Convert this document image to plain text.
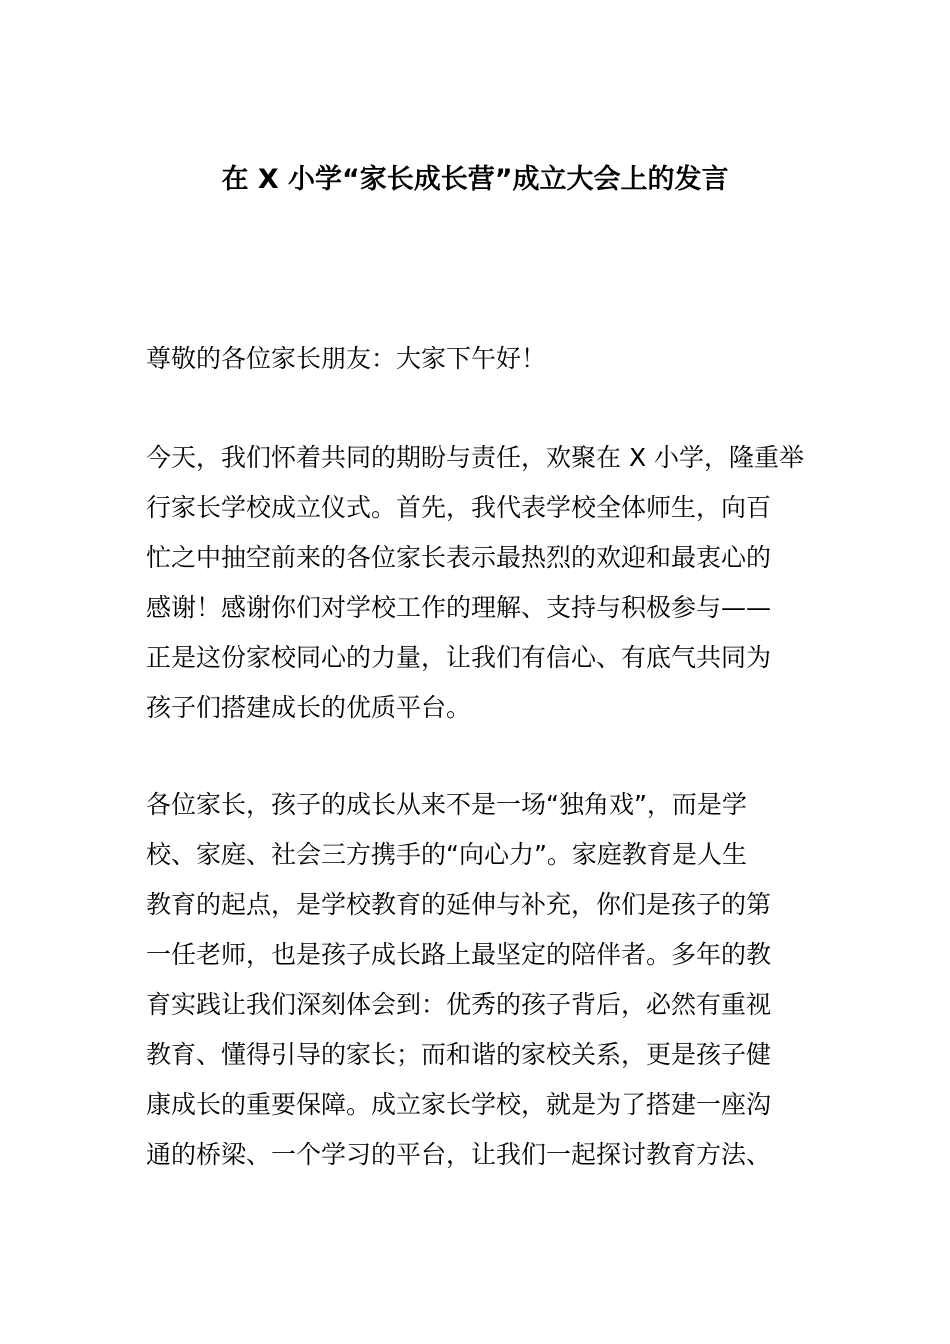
在 X 小学“家长成长营”成立大会上的发言

尊敬的各位家长朋友：大家下午好！

今天，我们怀着共同的期盼与责任，欢聚在 X 小学，隆重举
行家长学校成立仪式。首先，我代表学校全体师生，向百
忙之中抽空前来的各位家长表示最热烈的欢迎和最衷心的
感谢！感谢你们对学校工作的理解、支持与积极参与——
正是这份家校同心的力量，让我们有信心、有底气共同为
孩子们搭建成长的优质平台。

各位家长，孩子的成长从来不是一场“独角戏”，而是学
校、家庭、社会三方携手的“向心力”。家庭教育是人生
教育的起点，是学校教育的延伸与补充，你们是孩子的第
一任老师，也是孩子成长路上最坚定的陪伴者。多年的教
育实践让我们深刻体会到：优秀的孩子背后，必然有重视
教育、懂得引导的家长；而和谐的家校关系，更是孩子健
康成长的重要保障。成立家长学校，就是为了搭建一座沟
通的桥梁、一个学习的平台，让我们一起探讨教育方法、
